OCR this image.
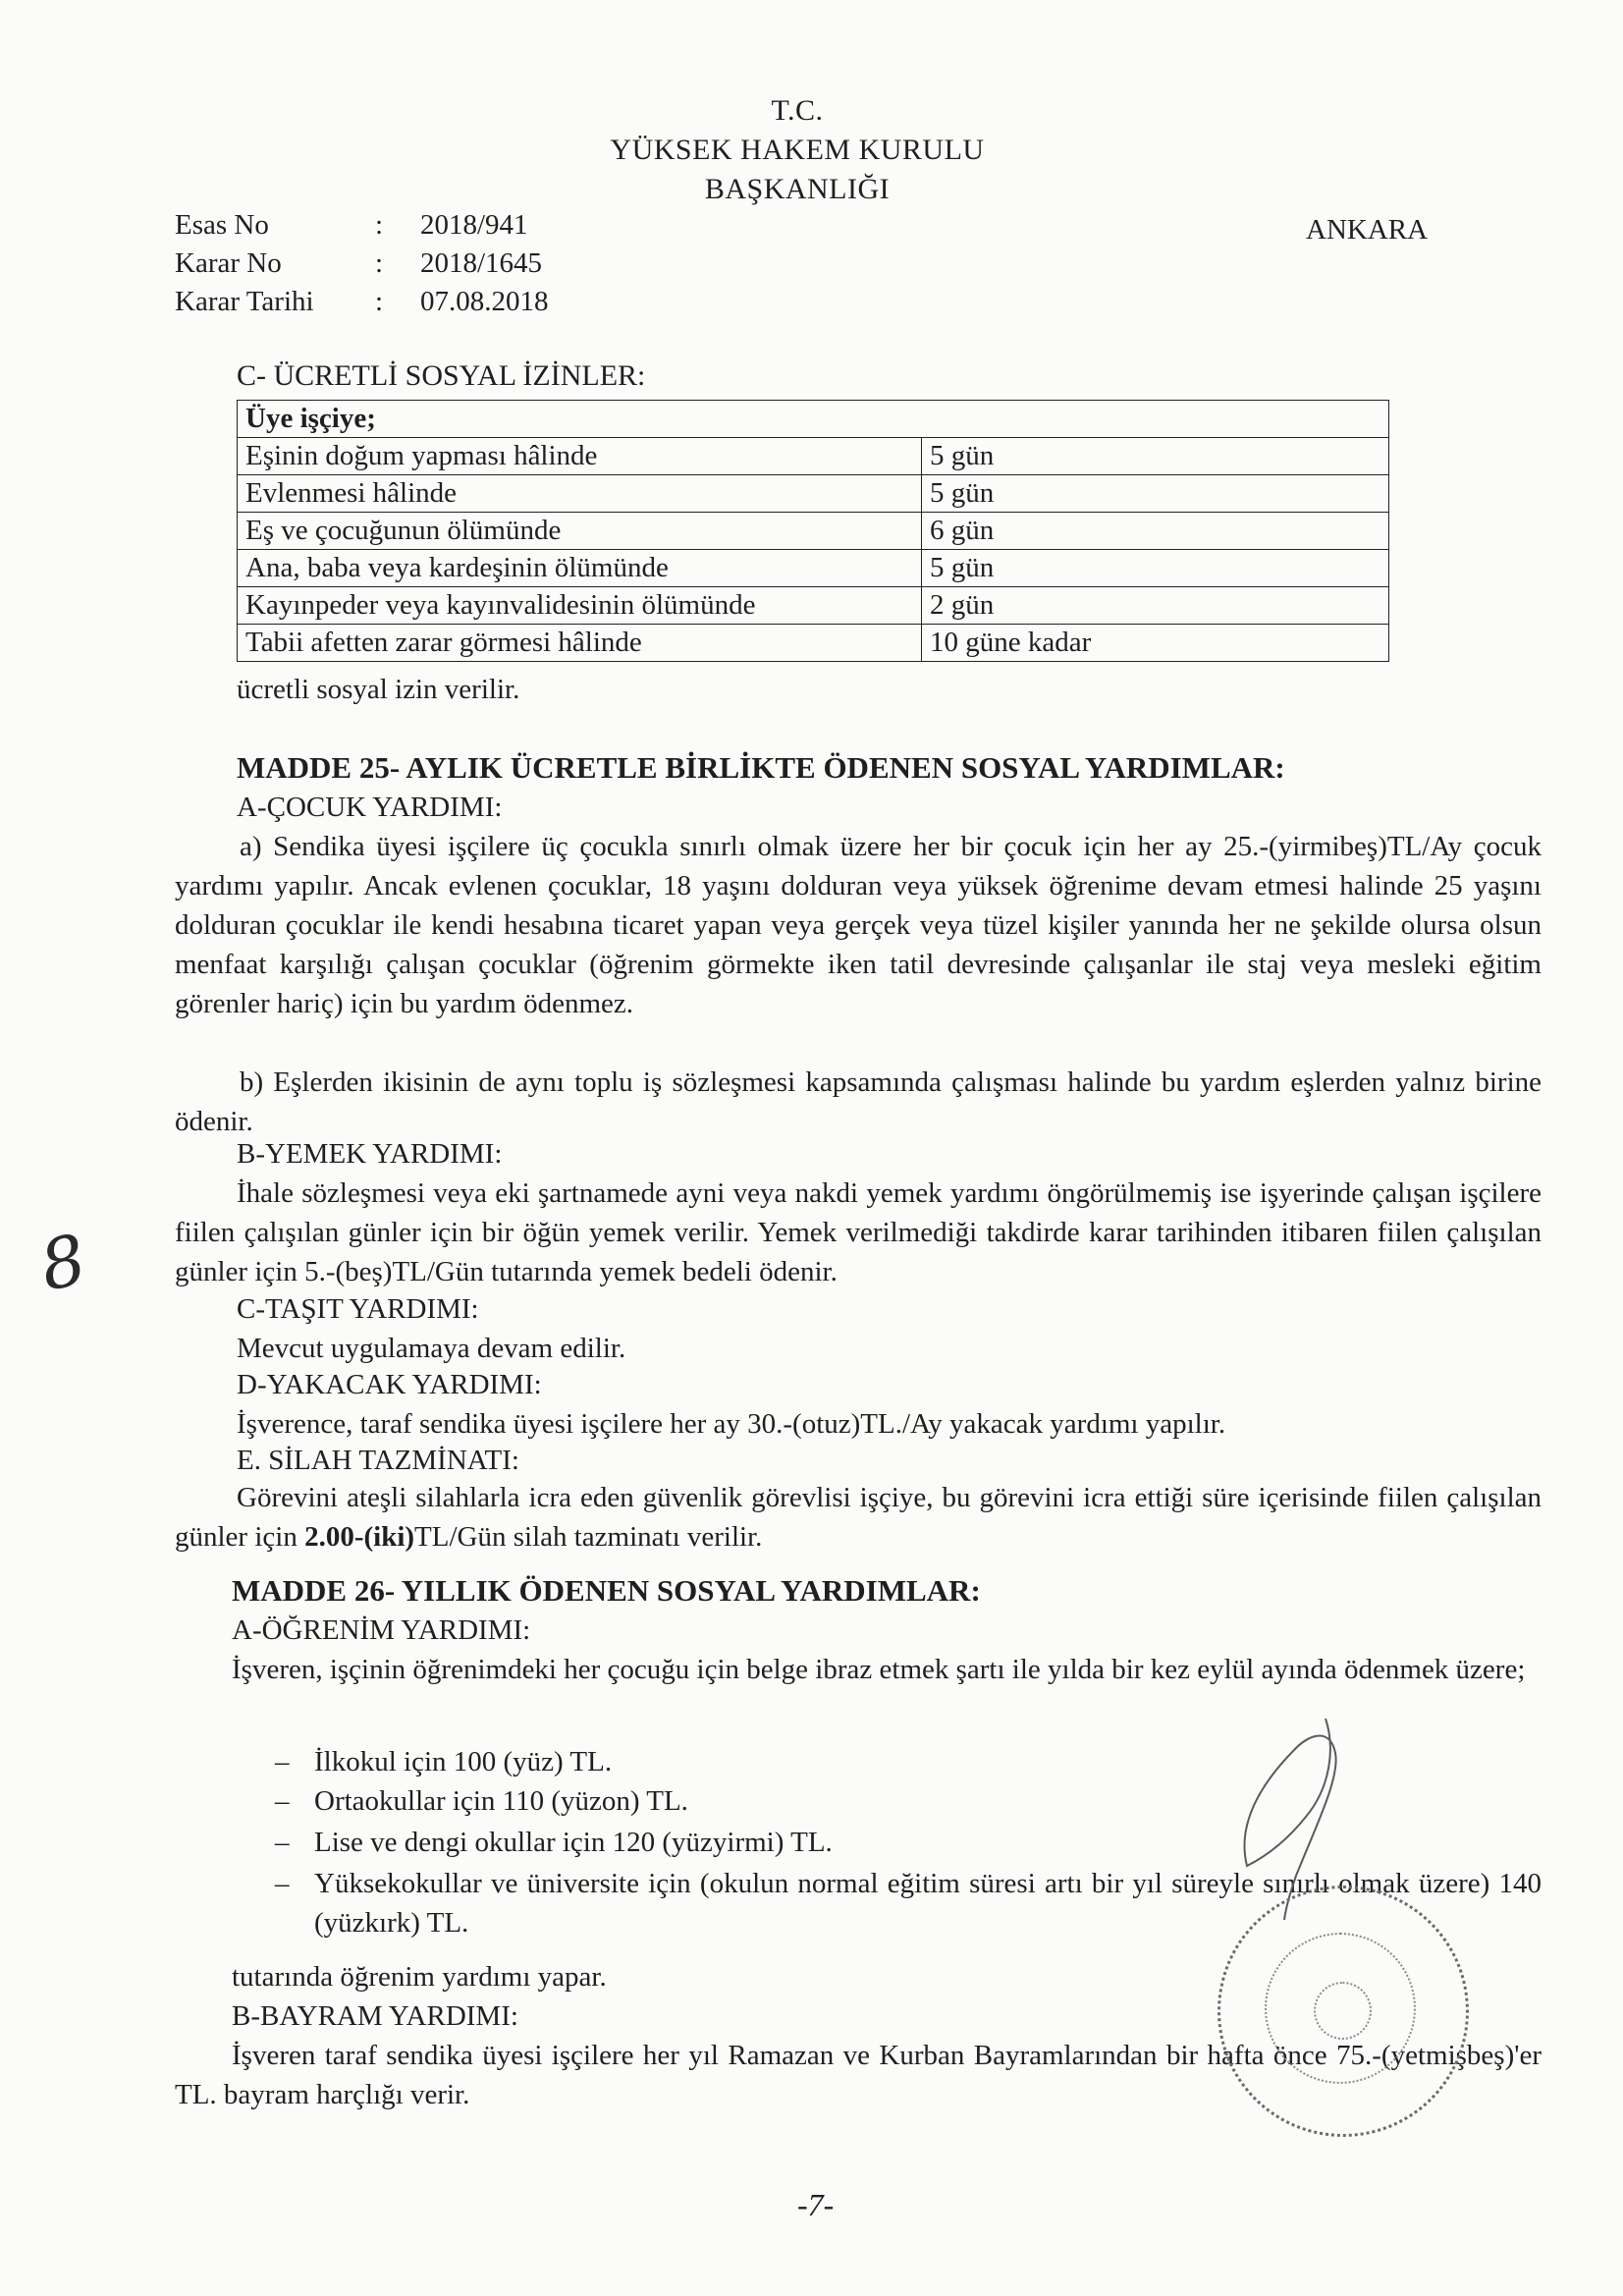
T.C.
YÜKSEK HAKEM KURULU
BAŞKANLIĞI
ANKARA
Esas No	: 2018/941
Karar No	: 2018/1645
Karar Tarihi : 07.08.2018
C- ÜCRETLİ SOSYAL İZİNLER:
Üye işçiye;	
Eşinin doğum yapması hâlinde	5 gün
Evlenmesi hâlinde	5 gün
Eş ve çocuğunun ölümünde	6 gün
Ana, baba veya kardeşinin ölümünde	5 gün
Kayınpeder veya kayınvalidesinin ölümünde	2 gün
Tabii afetten zarar görmesi hâlinde	10 güne kadar
ücretli sosyal izin verilir.
MADDE 25- AYLIK ÜCRETLE BİRLİKTE ÖDENEN SOSYAL YARDIMLAR:
A-ÇOCUK YARDIMI:
a) Sendika üyesi işçilere üç çocukla sınırlı olmak üzere her bir çocuk için her ay 25.-(yirmibeş)TL/Ay çocuk yardımı yapılır. Ancak evlenen çocuklar, 18 yaşını dolduran veya yüksek öğrenime devam etmesi halinde 25 yaşını dolduran çocuklar ile kendi hesabına ticaret yapan veya gerçek veya tüzel kişiler yanında her ne şekilde olursa olsun menfaat karşılığı çalışan çocuklar (öğrenim görmekte iken tatil devresinde çalışanlar ile staj veya mesleki eğitim görenler hariç) için bu yardım ödenmez.
b) Eşlerden ikisinin de aynı toplu iş sözleşmesi kapsamında çalışması halinde bu yardım eşlerden yalnız birine ödenir.
B-YEMEK YARDIMI:
İhale sözleşmesi veya eki şartnamede ayni veya nakdi yemek yardımı öngörülmemiş ise işyerinde çalışan işçilere fiilen çalışılan günler için bir öğün yemek verilir. Yemek verilmediği takdirde karar tarihinden itibaren fiilen çalışılan günler için 5.-(beş)TL/Gün tutarında yemek bedeli ödenir.
C-TAŞIT YARDIMI:
Mevcut uygulamaya devam edilir.
D-YAKACAK YARDIMI:
İşverence, taraf sendika üyesi işçilere her ay 30.-(otuz)TL./Ay yakacak yardımı yapılır.
E. SİLAH TAZMİNATI:
Görevini ateşli silahlarla icra eden güvenlik görevlisi işçiye, bu görevini icra ettiği süre içerisinde fiilen çalışılan günler için 2.00-(iki)TL/Gün silah tazminatı verilir.
MADDE 26- YILLIK ÖDENEN SOSYAL YARDIMLAR:
A-ÖĞRENİM YARDIMI:
İşveren, işçinin öğrenimdeki her çocuğu için belge ibraz etmek şartı ile yılda bir kez eylül ayında ödenmek üzere;
– İlkokul için 100 (yüz) TL.
– Ortaokullar için 110 (yüzon) TL.
– Lise ve dengi okullar için 120 (yüzyirmi) TL.
– Yüksekokullar ve üniversite için (okulun normal eğitim süresi artı bir yıl süreyle sınırlı olmak üzere) 140 (yüzkırk) TL.
tutarında öğrenim yardımı yapar.
B-BAYRAM YARDIMI:
İşveren taraf sendika üyesi işçilere her yıl Ramazan ve Kurban Bayramlarından bir hafta önce 75.-(yetmişbeş)'er TL. bayram harçlığı verir.
-7-
8
